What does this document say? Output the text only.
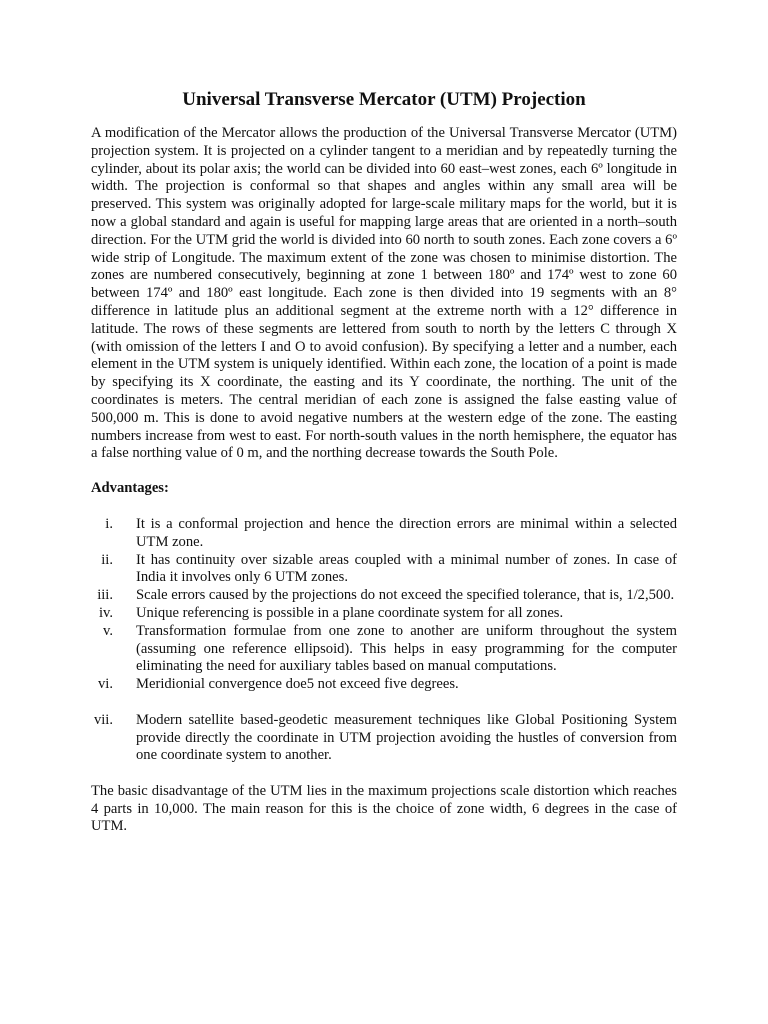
Universal Transverse Mercator (UTM) Projection

A modification of the Mercator allows the production of the Universal Transverse Mercator (UTM) projection system. It is projected on a cylinder tangent to a meridian and by repeatedly turning the cylinder, about its polar axis; the world can be divided into 60 east–west zones, each 6º longitude in width. The projection is conformal so that shapes and angles within any small area will be preserved. This system was originally adopted for large-scale military maps for the world, but it is now a global standard and again is useful for mapping large areas that are oriented in a north–south direction. For the UTM grid the world is divided into 60 north to south zones. Each zone covers a 6º wide strip of Longitude. The maximum extent of the zone was chosen to minimise distortion. The zones are numbered consecutively, beginning at zone 1 between 180º and 174º west to zone 60 between 174º and 180º east longitude. Each zone is then divided into 19 segments with an 8° difference in latitude plus an additional segment at the extreme north with a 12° difference in latitude. The rows of these segments are lettered from south to north by the letters C through X (with omission of the letters I and O to avoid confusion). By specifying a letter and a number, each element in the UTM system is uniquely identified. Within each zone, the location of a point is made by specifying its X coordinate, the easting and its Y coordinate, the northing. The unit of the coordinates is meters. The central meridian of each zone is assigned the false easting value of 500,000 m. This is done to avoid negative numbers at the western edge of the zone. The easting numbers increase from west to east. For north-south values in the north hemisphere, the equator has a false northing value of 0 m, and the northing decrease towards the South Pole.

Advantages:
i. It is a conformal projection and hence the direction errors are minimal within a selected UTM zone.
ii. It has continuity over sizable areas coupled with a minimal number of zones. In case of India it involves only 6 UTM zones.
iii. Scale errors caused by the projections do not exceed the specified tolerance, that is, 1/2,500.
iv. Unique referencing is possible in a plane coordinate system for all zones.
v. Transformation formulae from one zone to another are uniform throughout the system (assuming one reference ellipsoid). This helps in easy programming for the computer eliminating the need for auxiliary tables based on manual computations.
vi. Meridionial convergence doe5 not exceed five degrees.
vii. Modern satellite based-geodetic measurement techniques like Global Positioning System provide directly the coordinate in UTM projection avoiding the hustles of conversion from one coordinate system to another.

The basic disadvantage of the UTM lies in the maximum projections scale distortion which reaches 4 parts in 10,000. The main reason for this is the choice of zone width, 6 degrees in the case of UTM.
